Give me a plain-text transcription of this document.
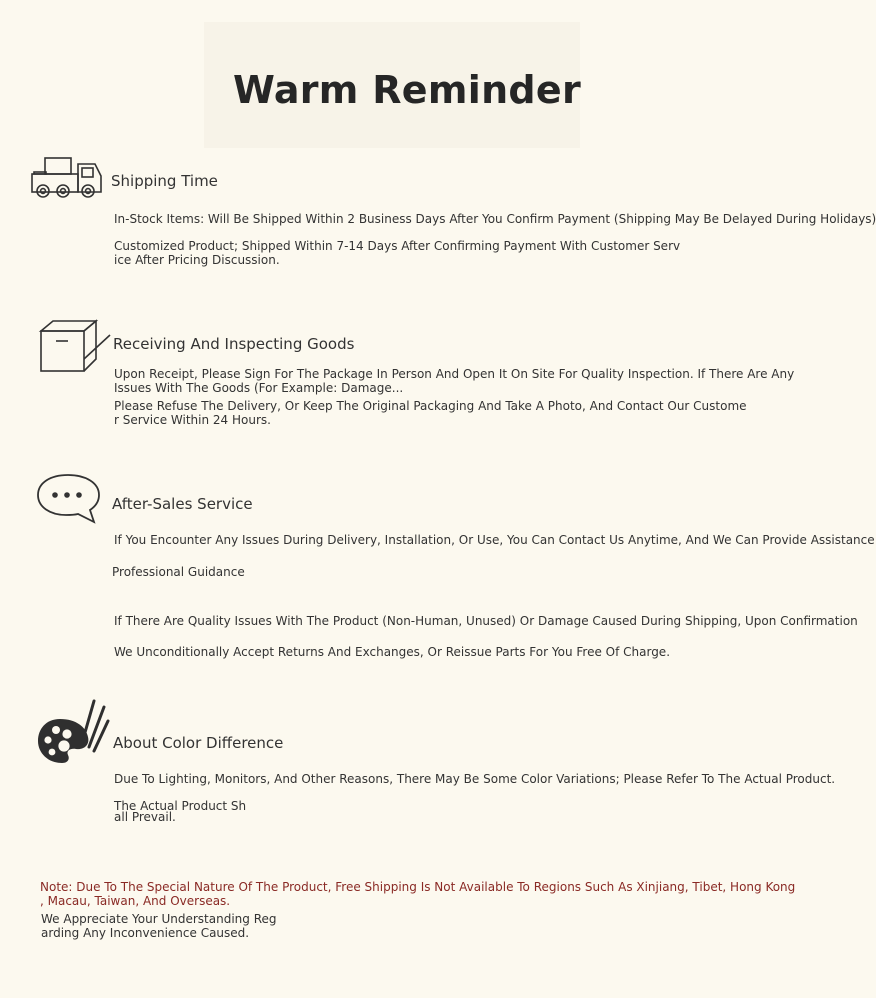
Warm Reminder
Shipping Time
In-Stock Items: Will Be Shipped Within 2 Business Days After You Confirm Payment (Shipping May Be Delayed During Holidays)
Customized Product; Shipped Within 7-14 Days After Confirming Payment With Customer Serv
ice After Pricing Discussion.
Receiving And Inspecting Goods
Upon Receipt, Please Sign For The Package In Person And Open It On Site For Quality Inspection. If There Are Any
Issues With The Goods (For Example: Damage...
Please Refuse The Delivery, Or Keep The Original Packaging And Take A Photo, And Contact Our Custome
r Service Within 24 Hours.
After-Sales Service
If You Encounter Any Issues During Delivery, Installation, Or Use, You Can Contact Us Anytime, And We Can Provide Assistance
Professional Guidance
If There Are Quality Issues With The Product (Non-Human, Unused) Or Damage Caused During Shipping, Upon Confirmation
We Unconditionally Accept Returns And Exchanges, Or Reissue Parts For You Free Of Charge.
About Color Difference
Due To Lighting, Monitors, And Other Reasons, There May Be Some Color Variations; Please Refer To The Actual Product.
The Actual Product Sh
all Prevail.
Note: Due To The Special Nature Of The Product, Free Shipping Is Not Available To Regions Such As Xinjiang, Tibet, Hong Kong
, Macau, Taiwan, And Overseas.
We Appreciate Your Understanding Reg
arding Any Inconvenience Caused.
